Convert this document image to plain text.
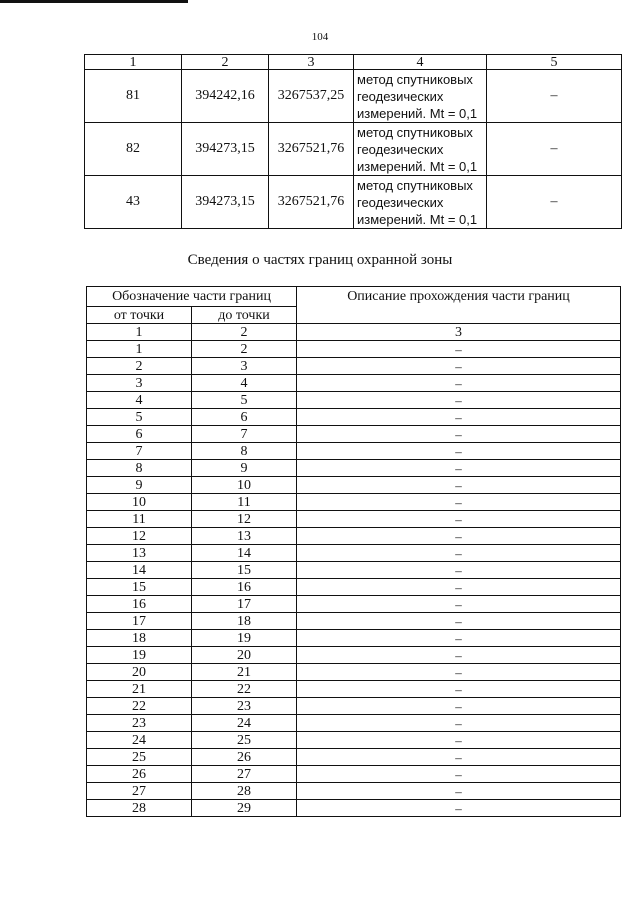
104
1	2	3	4	5
81	394242,16	3267537,25	метод спутниковых
геодезических
измерений. Mt = 0,1	–
82	394273,15	3267521,76	метод спутниковых
геодезических
измерений. Mt = 0,1	–
43	394273,15	3267521,76	метод спутниковых
геодезических
измерений. Mt = 0,1	–
Сведения о частях границ охранной зоны
Обозначение части границ		Описание прохождения части границ
от точки	до точки	
1	2	3
1	2	–
2	3	–
3	4	–
4	5	–
5	6	–
6	7	–
7	8	–
8	9	–
9	10	–
10	11	–
11	12	–
12	13	–
13	14	–
14	15	–
15	16	–
16	17	–
17	18	–
18	19	–
19	20	–
20	21	–
21	22	–
22	23	–
23	24	–
24	25	–
25	26	–
26	27	–
27	28	–
28	29	–
